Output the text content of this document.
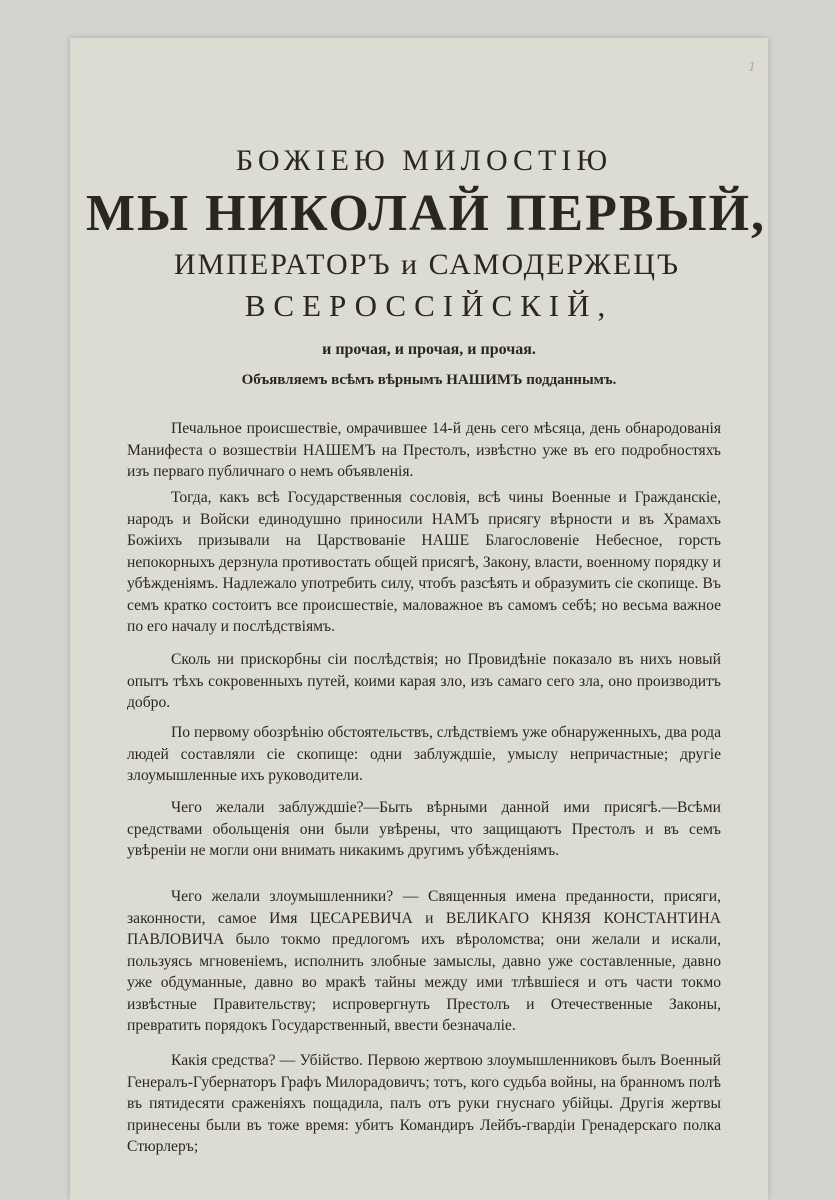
1
БОЖІЕЮ МИЛОСТІЮ
МЫ НИКОЛАЙ ПЕРВЫЙ,
ИМПЕРАТОРЪ и САМОДЕРЖЕЦЪ
ВСЕРОССІЙСКІЙ,
и прочая, и прочая, и прочая.
Объявляемъ всѣмъ вѣрнымъ НАШИМЪ подданнымъ.

Печальное происшествіе, омрачившее 14-й день сего мѣсяца, день обнародованія Манифеста о возшествіи НАШЕМЪ на Престолъ, извѣстно уже въ его подробностяхъ изъ перваго публичнаго о немъ объявленія.

Тогда, какъ всѣ Государственныя сословія, всѣ чины Военные и Гражданскіе, народъ и Войски единодушно приносили НАМЪ присягу вѣрности и въ Храмахъ Божіихъ призывали на Царствованіе НАШЕ Благословеніе Небесное, горсть непокорныхъ дерзнула противостать общей присягѣ, Закону, власти, военному порядку и убѣжденіямъ. Надлежало употребить силу, чтобъ разсѣять и образумить сіе скопище. Въ семъ кратко состоитъ все происшествіе, маловажное въ самомъ себѣ; но весьма важное по его началу и послѣдствіямъ.

Сколь ни прискорбны сіи послѣдствія; но Провидѣніе показало въ нихъ новый опытъ тѣхъ сокровенныхъ путей, коими карая зло, изъ самаго сего зла, оно производитъ добро.

По первому обозрѣнію обстоятельствъ, слѣдствіемъ уже обнаруженныхъ, два рода людей составляли сіе скопище: одни заблуждшіе, умыслу непричастные; другіе злоумышленные ихъ руководители.

Чего желали заблуждшіе?—Быть вѣрными данной ими присягѣ.—Всѣми средствами обольщенія они были увѣрены, что защищаютъ Престолъ и въ семъ увѣреніи не могли они внимать никакимъ другимъ убѣжденіямъ.

Чего желали злоумышленники? — Священныя имена преданности, присяги, законности, самое Имя ЦЕСАРЕВИЧА и ВЕЛИКАГО КНЯЗЯ КОНСТАНТИНА ПАВЛОВИЧА было токмо предлогомъ ихъ вѣроломства; они желали и искали, пользуясь мгновеніемъ, исполнить злобные замыслы, давно уже составленные, давно уже обдуманные, давно во мракѣ тайны между ими тлѣвшіеся и отъ части токмо извѣстные Правительству; испровергнуть Престолъ и Отечественные Законы, превратить порядокъ Государственный, ввести безначаліе.

Какія средства? — Убійство. Первою жертвою злоумышленниковъ былъ Военный Генералъ-Губернаторъ Графъ Милорадовичъ; тотъ, кого судьба войны, на бранномъ полѣ въ пятидесяти сраженіяхъ пощадила, палъ отъ руки гнуснаго убійцы. Другія жертвы принесены были въ тоже время: убитъ Командиръ Лейбъ-гвардіи Гренадерскаго полка Стюрлеръ;
